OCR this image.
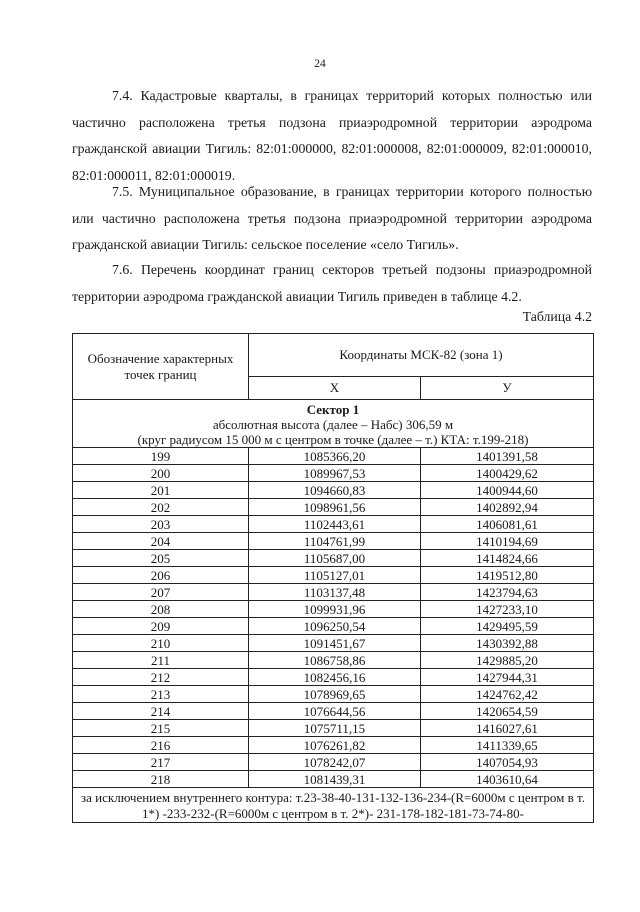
24

7.4. Кадастровые кварталы, в границах территорий которых полностью или частично расположена третья подзона приаэродромной территории аэродрома гражданской авиации Тигиль: 82:01:000000, 82:01:000008, 82:01:000009, 82:01:000010, 82:01:000011, 82:01:000019.

7.5. Муниципальное образование, в границах территории которого полностью или частично расположена третья подзона приаэродромной территории аэродрома гражданской авиации Тигиль: сельское поселение «село Тигиль».

7.6. Перечень координат границ секторов третьей подзоны приаэродромной территории аэродрома гражданской авиации Тигиль приведен в таблице 4.2.

Таблица 4.2
Обозначение характерных точек границ	Координаты МСК-82 (зона 1)	
	X	У

Сектор 1
абсолютная высота (далее – Набс) 306,59 м
(круг радиусом 15 000 м с центром в точке (далее – т.) КТА: т.199-218)		

199	1085366,20	1401391,58
200	1089967,53	1400429,62
201	1094660,83	1400944,60
202	1098961,56	1402892,94
203	1102443,61	1406081,61
204	1104761,99	1410194,69
205	1105687,00	1414824,66
206	1105127,01	1419512,80
207	1103137,48	1423794,63
208	1099931,96	1427233,10
209	1096250,54	1429495,59
210	1091451,67	1430392,88
211	1086758,86	1429885,20
212	1082456,16	1427944,31
213	1078969,65	1424762,42
214	1076644,56	1420654,59
215	1075711,15	1416027,61
216	1076261,82	1411339,65
217	1078242,07	1407054,93
218	1081439,31	1403610,64
за исключением внутреннего контура: т.23-38-40-131-132-136-234-(R=6000м с центром в т. 1*) -233-232-(R=6000м с центром в т. 2*)- 231-178-182-181-73-74-80-		
